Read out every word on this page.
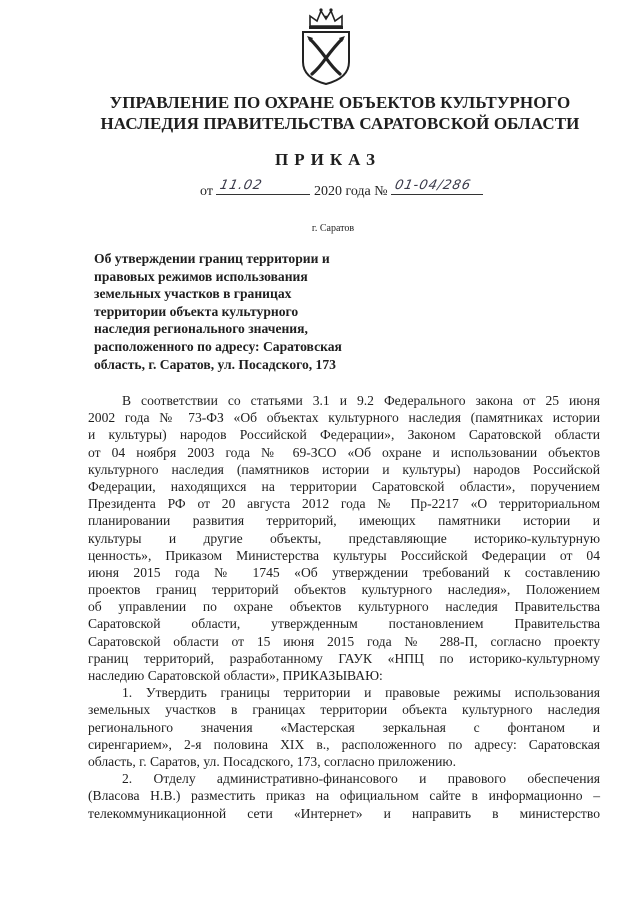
УПРАВЛЕНИЕ ПО ОХРАНЕ ОБЪЕКТОВ КУЛЬТУРНОГО
НАСЛЕДИЯ ПРАВИТЕЛЬСТВА САРАТОВСКОЙ ОБЛАСТИ
ПРИКАЗ
от 11.02	2020 года № 01-04/286
г. Саратов
Об утверждении границ территории и
правовых режимов использования
земельных участков в границах
территории объекта культурного
наследия регионального значения,
расположенного по адресу: Саратовская
область, г. Саратов, ул. Посадского, 173
В соответствии со статьями 3.1 и 9.2 Федерального закона от 25 июня
2002 года № 73-ФЗ «Об объектах культурного наследия (памятниках истории
и культуры) народов Российской Федерации», Законом Саратовской области
от 04 ноября 2003 года № 69-ЗСО «Об охране и использовании объектов
культурного наследия (памятников истории и культуры) народов Российской
Федерации, находящихся на территории Саратовской области», поручением
Президента РФ от 20 августа 2012 года № Пр-2217 «О территориальном
планировании развития территорий, имеющих памятники истории и
культуры и другие объекты, представляющие историко-культурную
ценность», Приказом Министерства культуры Российской Федерации от 04
июня 2015 года № 1745 «Об утверждении требований к составлению
проектов границ территорий объектов культурного наследия», Положением
об управлении по охране объектов культурного наследия Правительства
Саратовской области, утвержденным постановлением Правительства
Саратовской области от 15 июня 2015 года № 288-П, согласно проекту
границ территорий, разработанному ГАУК «НПЦ по историко-культурному
наследию Саратовской области», ПРИКАЗЫВАЮ:
1. Утвердить границы территории и правовые режимы использования
земельных участков в границах территории объекта культурного наследия
регионального значения «Мастерская зеркальная с фонтаном и
сиренгарием», 2-я половина XIX в., расположенного по адресу: Саратовская
область, г. Саратов, ул. Посадского, 173, согласно приложению.
2. Отделу административно-финансового и правового обеспечения
(Власова Н.В.) разместить приказ на официальном сайте в информационно –
телекоммуникационной сети «Интернет» и направить в министерство
